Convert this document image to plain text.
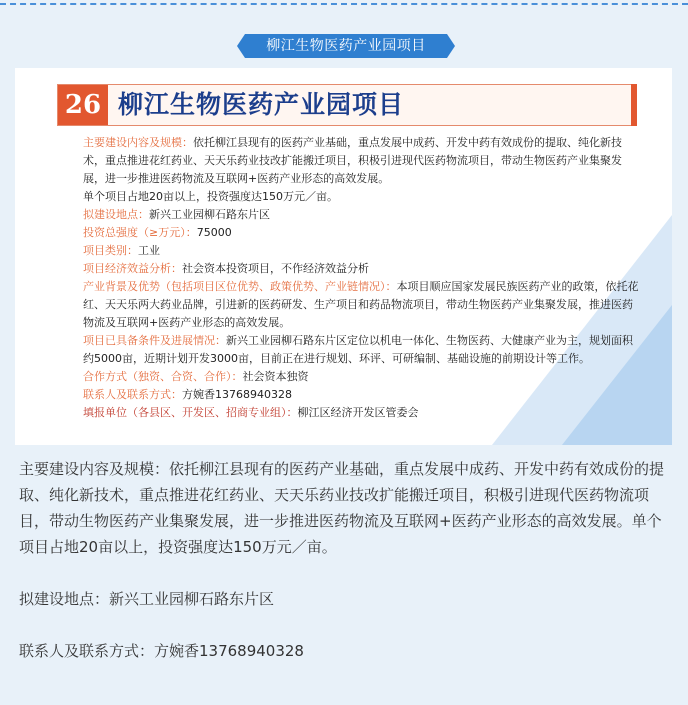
柳江生物医药产业园项目
26 柳江生物医药产业园项目

主要建设内容及规模：依托柳江县现有的医药产业基础，重点发展中成药、开发中药有效成份的提取、纯化新技术，重点推进花红药业、天天乐药业技改扩能搬迁项目，积极引进现代医药物流项目，带动生物医药产业集聚发展，进一步推进医药物流及互联网+医药产业形态的高效发展。

单个项目占地20亩以上，投资强度达150万元／亩。

拟建设地点：新兴工业园柳石路东片区

投资总强度（≥万元）：75000

项目类别：工业

项目经济效益分析：社会资本投资项目，不作经济效益分析

产业背景及优势（包括项目区位优势、政策优势、产业链情况）：本项目顺应国家发展民族医药产业的政策，依托花红、天天乐两大药业品牌，引进新的医药研发、生产项目和药品物流项目，带动生物医药产业集聚发展，推进医药物流及互联网+医药产业形态的高效发展。

项目已具备条件及进展情况：新兴工业园柳石路东片区定位以机电一体化、生物医药、大健康产业为主，规划面积约5000亩，近期计划开发3000亩，目前正在进行规划、环评、可研编制、基础设施的前期设计等工作。

合作方式（独资、合资、合作）：社会资本独资

联系人及联系方式：方婉香13768940328

填报单位（各县区、开发区、招商专业组）：柳江区经济开发区管委会

主要建设内容及规模：依托柳江县现有的医药产业基础，重点发展中成药、开发中药有效成份的提取、纯化新技术，重点推进花红药业、天天乐药业技改扩能搬迁项目，积极引进现代医药物流项目，带动生物医药产业集聚发展，进一步推进医药物流及互联网+医药产业形态的高效发展。单个项目占地20亩以上，投资强度达150万元／亩。

拟建设地点：新兴工业园柳石路东片区

联系人及联系方式：方婉香13768940328
